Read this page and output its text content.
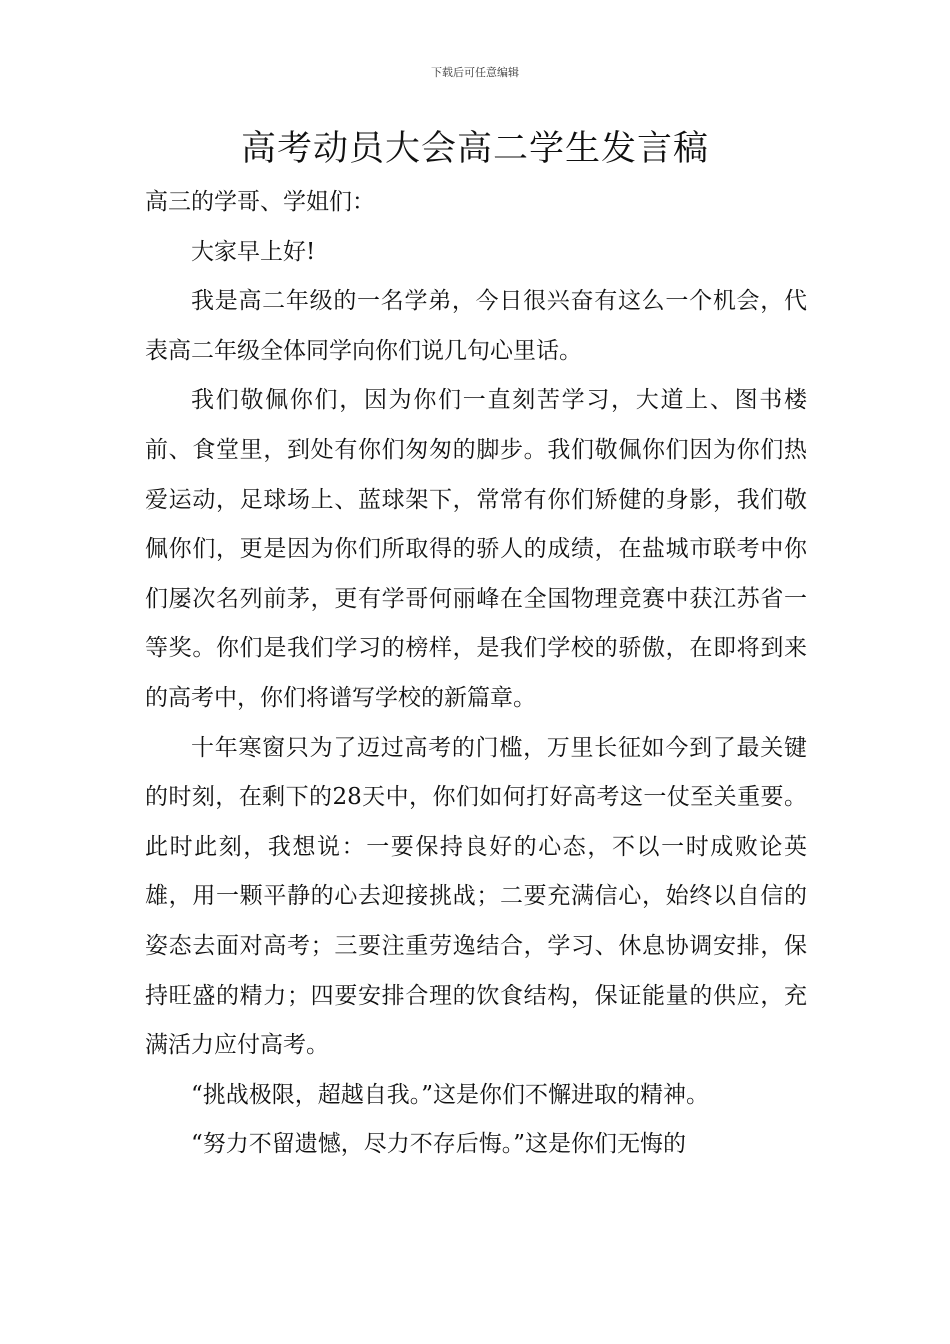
下载后可任意编辑
高考动员大会高二学生发言稿

高三的学哥、学姐们：

大家早上好!

我是高二年级的一名学弟，今日很兴奋有这么一个机会，代表高二年级全体同学向你们说几句心里话。

我们敬佩你们，因为你们一直刻苦学习，大道上、图书楼前、食堂里，到处有你们匆匆的脚步。我们敬佩你们因为你们热爱运动，足球场上、蓝球架下，常常有你们矫健的身影，我们敬佩你们，更是因为你们所取得的骄人的成绩，在盐城市联考中你们屡次名列前茅，更有学哥何丽峰在全国物理竞赛中获江苏省一等奖。你们是我们学习的榜样，是我们学校的骄傲，在即将到来的高考中，你们将谱写学校的新篇章。

十年寒窗只为了迈过高考的门槛，万里长征如今到了最关键的时刻，在剩下的28天中，你们如何打好高考这一仗至关重要。此时此刻，我想说：一要保持良好的心态，不以一时成败论英雄，用一颗平静的心去迎接挑战；二要充满信心，始终以自信的姿态去面对高考；三要注重劳逸结合，学习、休息协调安排，保持旺盛的精力；四要安排合理的饮食结构，保证能量的供应，充满活力应付高考。

“挑战极限，超越自我。”这是你们不懈进取的精神。

“努力不留遗憾，尽力不存后悔。”这是你们无悔的
